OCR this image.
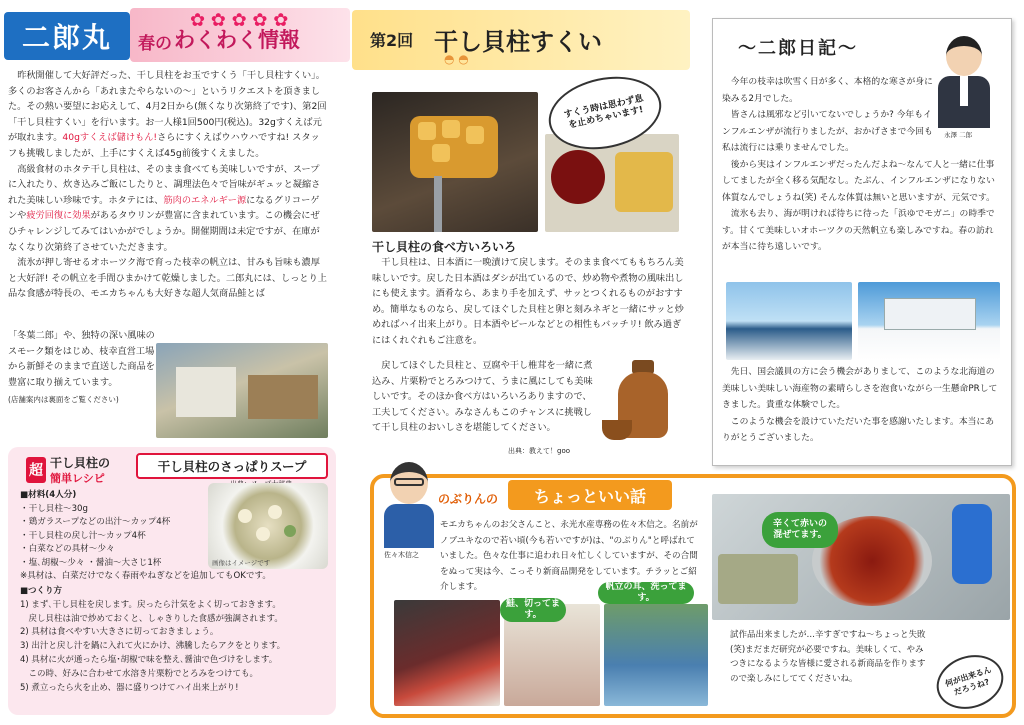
二郎丸 春の わくわく情報
✿ ✿ ✿ ✿ ✿

昨秋開催して大好評だった、干し貝柱をお玉ですくう「干し貝柱すくい」。多くのお客さんから「あれまたやらないの～」というリクエストを頂きました。その熱い要望にお応えして、4月2日から(無くなり次第終了です)、第2回「干し貝柱すくい」を行います。お一人様1回500円(税込)。32gすくえば元が取れます。40gすくえば儲けもん!さらにすくえばウハウハですね! スタッフも挑戦しましたが、上手にすくえば45g前後すくえました。

高級食材のホタテ干し貝柱は、そのまま食べても美味しいですが、スープに入れたり、炊き込みご飯にしたりと、調理法色々で旨味がギュッと凝縮された美味しい珍味です。ホタテには、筋肉のエネルギー源になるグリコーゲンや疲労回復に効果があるタウリンが豊富に含まれています。この機会にぜひチャレンジしてみてはいかがでしょうか。開催期間は未定ですが、在庫がなくなり次第終了させていただきます。

流氷が押し寄せるオホーツク海で育った枝幸の帆立は、甘みも旨味も濃厚と大好評! その帆立を手間ひまかけて乾燥しました。二郎丸には、しっとり上品な食感が特長の、モエカちゃんも大好きな超人気商品鮭とば

「冬葉二郎」や、独特の深い風味のスモーク類をはじめ、枝幸直営工場から新鮮そのままで直送した商品を豊富に取り揃えています。
(店舗案内は裏面をご覧ください)
超 干し貝柱の
簡単レシピ
干し貝柱のさっぱりスープ
■材料(4人分)
・干し貝柱～30g
・鶏ガラスープなどの出汁～カップ4杯
・干し貝柱の戻し汁～カップ4杯
・白菜などの具材～少々
・塩､胡椒～少々 ・醤油～大さじ1杯
※具材は、白菜だけでなく春雨やねぎなどを追加してもOKです。
画像はイメージです
■つくり方
1) まず､干し貝柱を戻します。戻ったら汁気をよく切っておきます。
　戻し貝柱は油で炒めておくと、しゃきりした食感が強調されます。
2) 具材は食べやすい大きさに切っておきましょう。
3) 出汁と戻し汁を鍋に入れて火にかけ、沸騰したらアクをとります。
4) 具材に火が通ったら塩･胡椒で味を整え､醤油で色づけをします。
　この時、好みに合わせて水溶き片栗粉でとろみをつけても。
5) 煮立ったら火を止め、器に盛りつけてハイ出来上がり!
第2回 干し貝柱すくい
◓ ◓
すくう時は思わず息を止めちゃいます!
干し貝柱の食べ方いろいろ

干し貝柱は、日本酒に一晩漬けて戻します。そのまま食べてももちろん美味しいです。戻した日本酒はダシが出ているので、炒め物や煮物の風味出しにも使えます。酒肴なら、あまり手を加えず、サッとつくれるものがおすすめ。簡単なものなら、戻してほぐした貝柱と卵と刻みネギと一緒にサッと炒めればハイ出来上がり。日本酒やビールなどとの相性もバッチリ! 飲み過ぎにはくれぐれもご注意を。

戻してほぐした貝柱と、豆腐や干し椎茸を一緒に煮込み、片栗粉でとろみつけて、うまに風にしても美味しいです。そのほか食べ方はいろいろありますので、工夫してください。みなさんもこのチャンスに挑戦して干し貝柱のおいしさを堪能してください。

出典：教えて！goo
～二郎日記～
永澤 二郎

今年の枝幸は吹雪く日が多く、本格的な寒さが身に染みる2月でした。

皆さんは風邪など引いてないでしょうか? 今年もインフルエンザが流行りましたが、おかげさまで今回も私は流行には乗りませんでした。

後から実はインフルエンザだったんだよね～なんて人と一緒に仕事してましたが全く移る気配なし。たぶん、インフルエンザになりない体質なんでしょうね(笑) そんな体質は無いと思いますが、元気です。

流氷も去り、海が明ければ待ちに待った「浜ゆでモガニ」の時季です。甘くて美味しいオホーツクの天然帆立も楽しみですね。春の訪れが本当に待ち遠しいです。

先日、国会議員の方に会う機会がありまして、このような北海道の美味しい美味しい海産物の素晴らしさを泡食いながら一生懸命PRしてきました。貴重な体験でした。

このような機会を設けていただいた事を感謝いたします。本当にありがとうございました。

佐々木信之
のぶりんの ちょっといい話
モエカちゃんのお父さんこと、永光水産専務の佐々木信之。名前がノブユキなので若い頃(今も若いですが)は、"のぶりん"と呼ばれていました。色々な仕事に追われ日々忙しくしていますが、その合間をぬって実は今、こっそり新商品開発をしています。チラッとご紹介します。
鮭、切ってます。
帆立の耳、洗ってます。
辛くて赤いの混ぜてます。
試作品出来ましたが…辛すぎですね～ちょっと失敗(笑)まだまだ研究が必要ですね。美味しくて、やみつきになるような皆様に愛される新商品を作りますので楽しみにしててくださいね。	何が出来るんだろうね?
